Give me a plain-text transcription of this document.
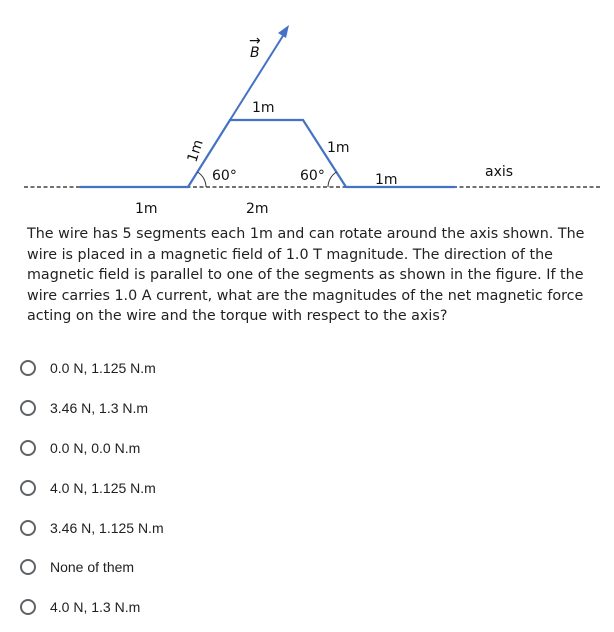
B
→
1m
1m	1m
60°	60°	1m	axis
1m	2m

The wire has 5 segments each 1m and can rotate around the axis shown. The wire is placed in a magnetic field of 1.0 T magnitude. The direction of the magnetic field is parallel to one of the segments as shown in the figure. If the wire carries 1.0 A current, what are the magnitudes of the net magnetic force acting on the wire and the torque with respect to the axis?

0.0 N, 1.125 N.m
3.46 N, 1.3 N.m
0.0 N, 0.0 N.m
4.0 N, 1.125 N.m
3.46 N, 1.125 N.m
None of them
4.0 N, 1.3 N.m
